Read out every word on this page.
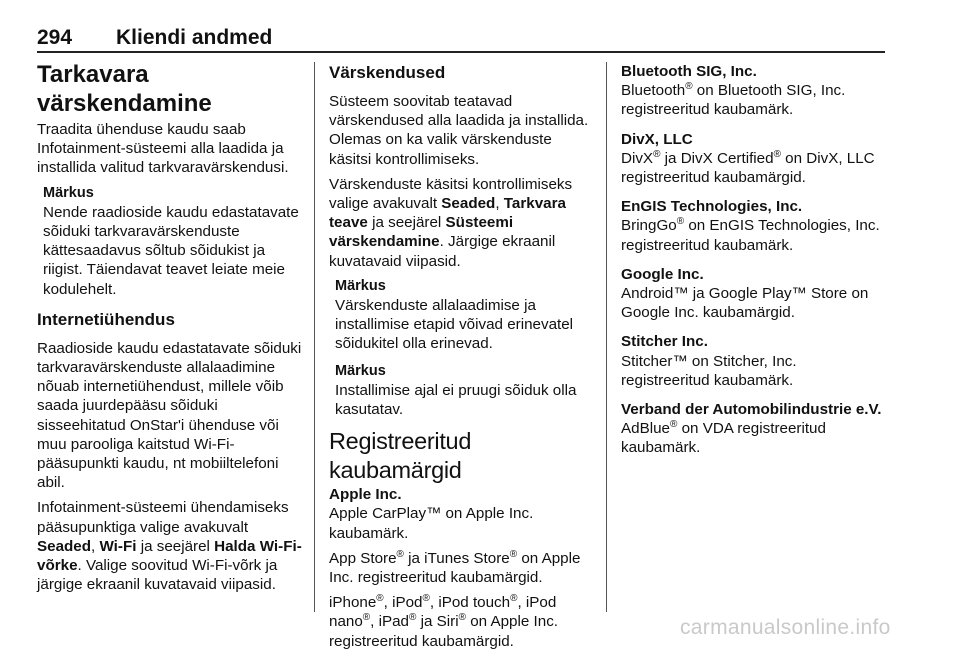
294 Kliendi andmed
Tarkavara värskendamine

Traadita ühenduse kaudu saab Infotainment-süsteemi alla laadida ja installida valitud tarkvaravärskendusi.

Märkus
Nende raadioside kaudu edastatavate sõiduki tarkvaravärskenduste kättesaadavus sõltub sõidukist ja riigist. Täiendavat teavet leiate meie kodulehelt.
Internetiühendus

Raadioside kaudu edastatavate sõiduki tarkvaravärskenduste allalaadimine nõuab internetiühendust, millele võib saada juurdepääsu sõiduki sisseehitatud OnStar'i ühenduse või muu parooliga kaitstud Wi-Fi-pääsupunkti kaudu, nt mobiiltelefoni abil.

Infotainment-süsteemi ühendamiseks pääsupunktiga valige avakuvalt Seaded, Wi-Fi ja seejärel Halda Wi-Fi-võrke. Valige soovitud Wi-Fi-võrk ja järgige ekraanil kuvatavaid viipasid.

Värskendused

Süsteem soovitab teatavad värskendused alla laadida ja installida. Olemas on ka valik värskenduste käsitsi kontrollimiseks.

Värskenduste käsitsi kontrollimiseks valige avakuvalt Seaded, Tarkvara teave ja seejärel Süsteemi värskendamine. Järgige ekraanil kuvatavaid viipasid.

Märkus
Värskenduste allalaadimise ja installimise etapid võivad erinevatel sõidukitel olla erinevad.
Märkus
Installimise ajal ei pruugi sõiduk olla kasutatav.
Registreeritud kaubamärgid

Apple Inc.

Apple CarPlay™ on Apple Inc. kaubamärk.

App Store® ja iTunes Store® on Apple Inc. registreeritud kaubamärgid.

iPhone®, iPod®, iPod touch®, iPod nano®, iPad® ja Siri® on Apple Inc. registreeritud kaubamärgid.

Bluetooth SIG, Inc.

Bluetooth® on Bluetooth SIG, Inc. registreeritud kaubamärk.

DivX, LLC

DivX® ja DivX Certified® on DivX, LLC registreeritud kaubamärgid.

EnGIS Technologies, Inc.

BringGo® on EnGIS Technologies, Inc. registreeritud kaubamärk.

Google Inc.

Android™ ja Google Play™ Store on Google Inc. kaubamärgid.

Stitcher Inc.

Stitcher™ on Stitcher, Inc. registreeritud kaubamärk.

Verband der Automobilindustrie e.V.

AdBlue® on VDA registreeritud kaubamärk.
carmanualsonline.info
